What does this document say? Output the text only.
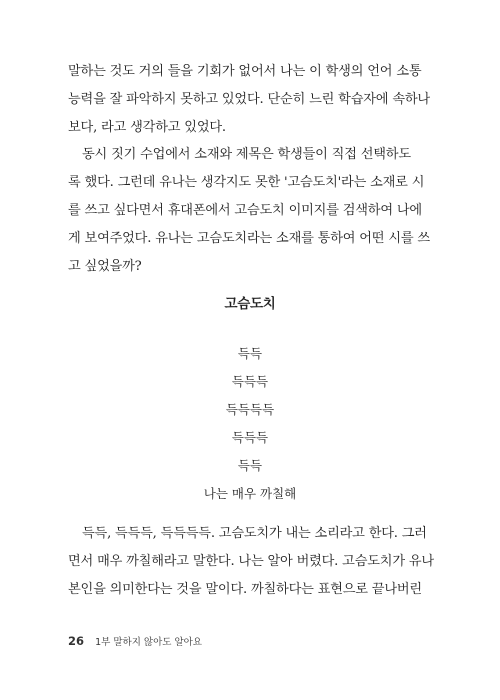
말하는 것도 거의 들을 기회가 없어서 나는 이 학생의 언어 소통
능력을 잘 파악하지 못하고 있었다. 단순히 느린 학습자에 속하나
보다, 라고 생각하고 있었다.

동시 짓기 수업에서 소재와 제목은 학생들이 직접 선택하도
록 했다. 그런데 유나는 생각지도 못한 '고슴도치'라는 소재로 시
를 쓰고 싶다면서 휴대폰에서 고슴도치 이미지를 검색하여 나에
게 보여주었다. 유나는 고슴도치라는 소재를 통하여 어떤 시를 쓰
고 싶었을까?

고슴도치
득득
득득득
득득득득
득득득
득득
나는 매우 까칠해

득득, 득득득, 득득득득. 고슴도치가 내는 소리라고 한다. 그러
면서 매우 까칠해라고 말한다. 나는 알아 버렸다. 고슴도치가 유나
본인을 의미한다는 것을 말이다. 까칠하다는 표현으로 끝나버린

26 1부 말하지 않아도 알아요
